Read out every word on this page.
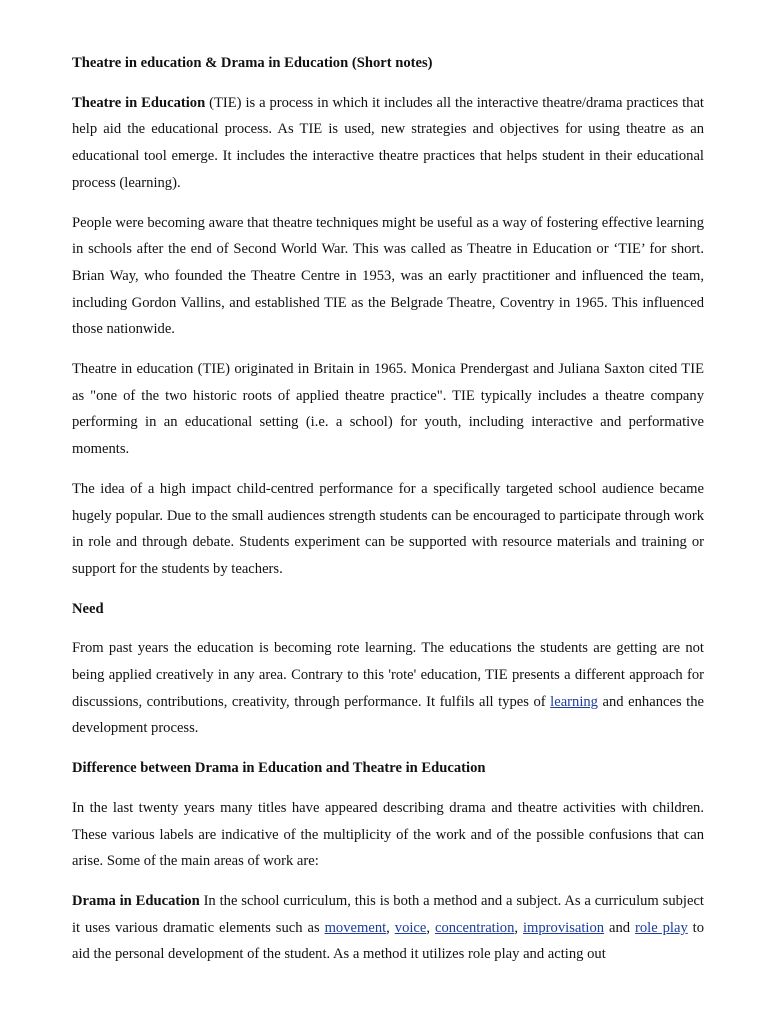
Theatre in education & Drama in Education (Short notes)

Theatre in Education (TIE) is a process in which it includes all the interactive theatre/drama practices that help aid the educational process. As TIE is used, new strategies and objectives for using theatre as an educational tool emerge. It includes the interactive theatre practices that helps student in their educational process (learning).

People were becoming aware that theatre techniques might be useful as a way of fostering effective learning in schools after the end of Second World War. This was called as Theatre in Education or ‘TIE’ for short. Brian Way, who founded the Theatre Centre in 1953, was an early practitioner and influenced the team, including Gordon Vallins, and established TIE as the Belgrade Theatre, Coventry in 1965. This influenced those nationwide.

Theatre in education (TIE) originated in Britain in 1965. Monica Prendergast and Juliana Saxton cited TIE as "one of the two historic roots of applied theatre practice". TIE typically includes a theatre company performing in an educational setting (i.e. a school) for youth, including interactive and performative moments.

The idea of a high impact child-centred performance for a specifically targeted school audience became hugely popular. Due to the small audiences strength students can be encouraged to participate through work in role and through debate. Students experiment can be supported with resource materials and training or support for the students by teachers.

Need

From past years the education is becoming rote learning. The educations the students are getting are not being applied creatively in any area. Contrary to this 'rote' education, TIE presents a different approach for discussions, contributions, creativity, through performance. It fulfils all types of learning and enhances the development process.

Difference between Drama in Education and Theatre in Education

In the last twenty years many titles have appeared describing drama and theatre activities with children. These various labels are indicative of the multiplicity of the work and of the possible confusions that can arise. Some of the main areas of work are:

Drama in Education In the school curriculum, this is both a method and a subject. As a curriculum subject it uses various dramatic elements such as movement, voice, concentration, improvisation and role play to aid the personal development of the student. As a method it utilizes role play and acting out
